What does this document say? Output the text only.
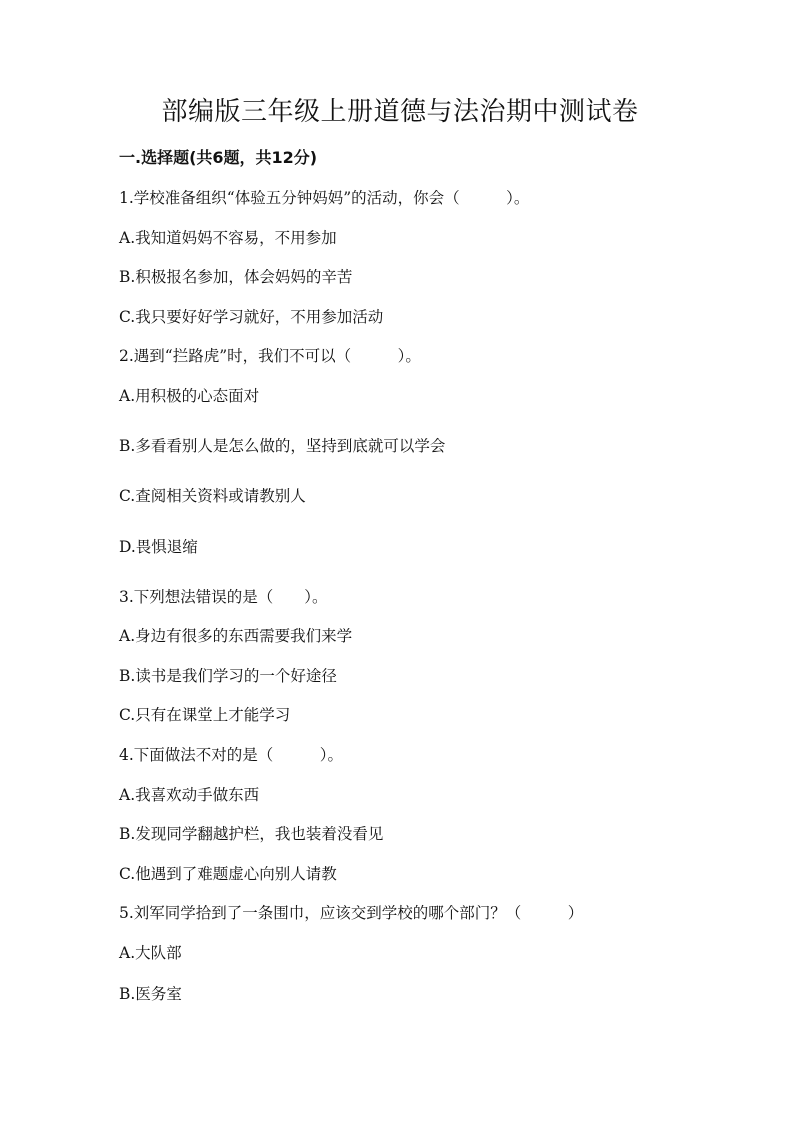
部编版三年级上册道德与法治期中测试卷
一.选择题(共6题，共12分)
1.学校准备组织“体验五分钟妈妈”的活动，你会（　　　）。
A.我知道妈妈不容易，不用参加
B.积极报名参加，体会妈妈的辛苦
C.我只要好好学习就好，不用参加活动
2.遇到“拦路虎”时，我们不可以（　　　）。
A.用积极的心态面对
B.多看看别人是怎么做的，坚持到底就可以学会
C.查阅相关资料或请教别人
D.畏惧退缩
3.下列想法错误的是（　　）。
A.身边有很多的东西需要我们来学
B.读书是我们学习的一个好途径
C.只有在课堂上才能学习
4.下面做法不对的是（　　　）。
A.我喜欢动手做东西
B.发现同学翻越护栏，我也装着没看见
C.他遇到了难题虚心向别人请教
5.刘军同学拾到了一条围巾，应该交到学校的哪个部门？（　　　）
A.大队部
B.医务室
